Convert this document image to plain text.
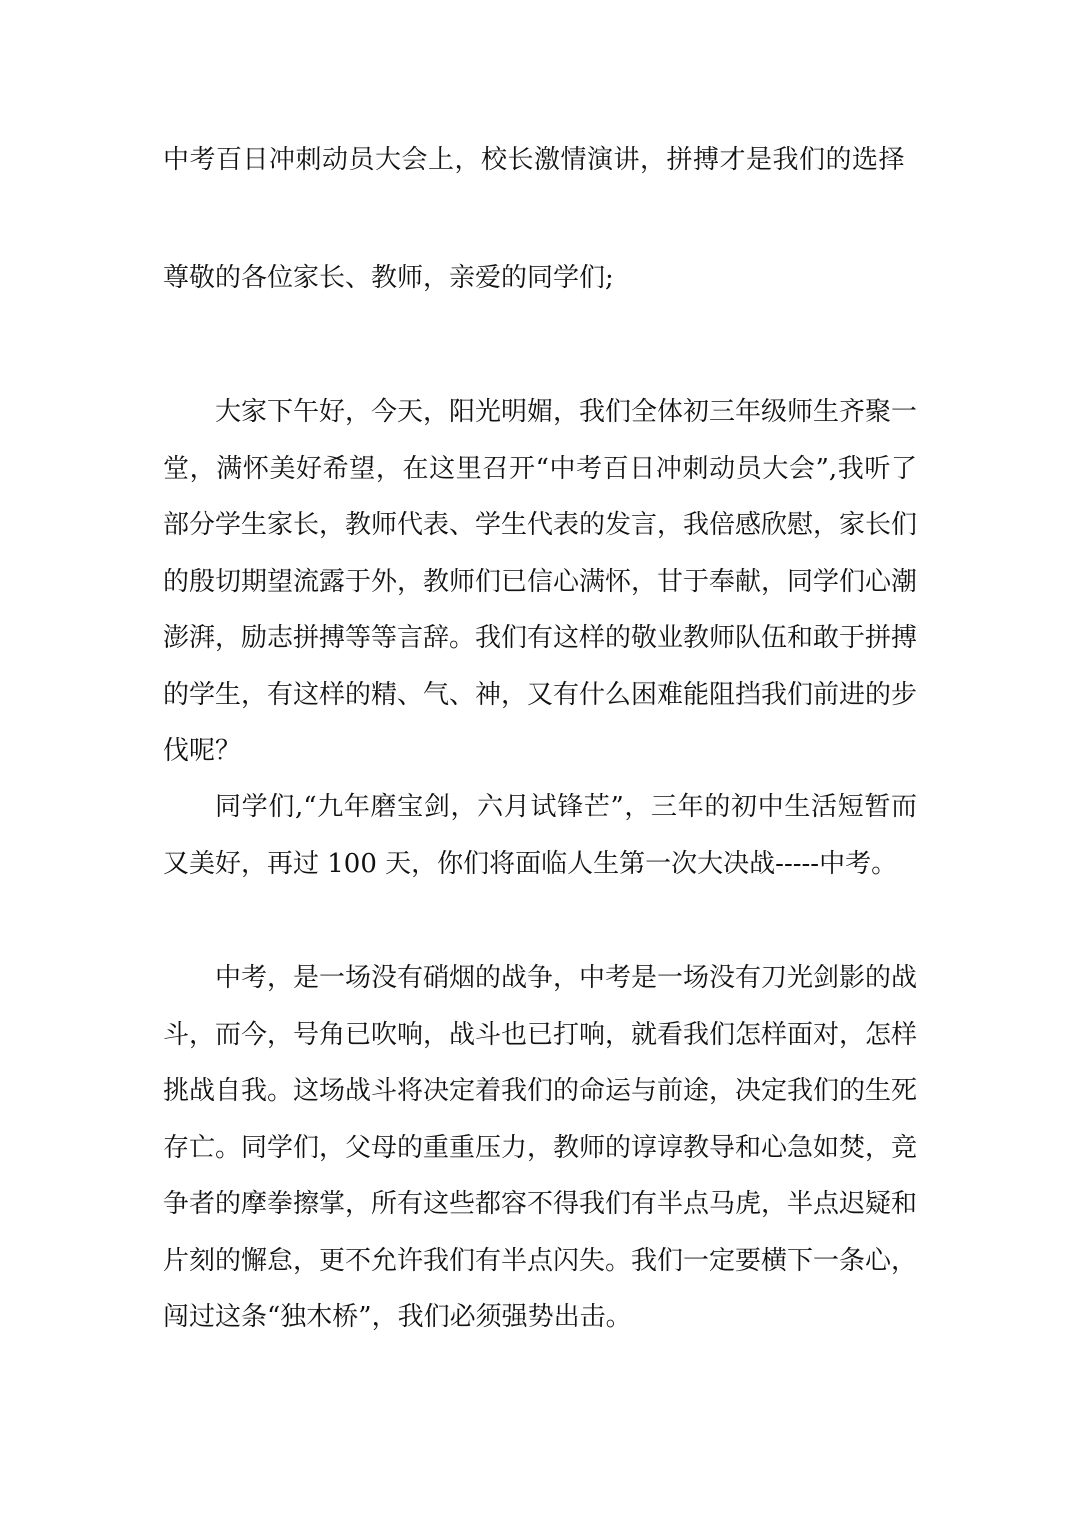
中考百日冲刺动员大会上，校长激情演讲，拼搏才是我们的选择
尊敬的各位家长、教师，亲爱的同学们;

大家下午好，今天，阳光明媚，我们全体初三年级师生齐聚一堂，满怀美好希望，在这里召开“中考百日冲刺动员大会”,我听了部分学生家长，教师代表、学生代表的发言，我倍感欣慰，家长们的殷切期望流露于外，教师们已信心满怀，甘于奉献，同学们心潮澎湃，励志拼搏等等言辞。我们有这样的敬业教师队伍和敢于拼搏的学生，有这样的精、气、神，又有什么困难能阻挡我们前进的步伐呢？

同学们,“九年磨宝剑，六月试锋芒”，三年的初中生活短暂而又美好，再过 100 天，你们将面临人生第一次大决战-----中考。

中考，是一场没有硝烟的战争，中考是一场没有刀光剑影的战斗，而今，号角已吹响，战斗也已打响，就看我们怎样面对，怎样挑战自我。这场战斗将决定着我们的命运与前途，决定我们的生死存亡。同学们，父母的重重压力，教师的谆谆教导和心急如焚，竞争者的摩拳擦掌，所有这些都容不得我们有半点马虎，半点迟疑和片刻的懈怠，更不允许我们有半点闪失。我们一定要横下一条心，闯过这条“独木桥”，我们必须强势出击。
